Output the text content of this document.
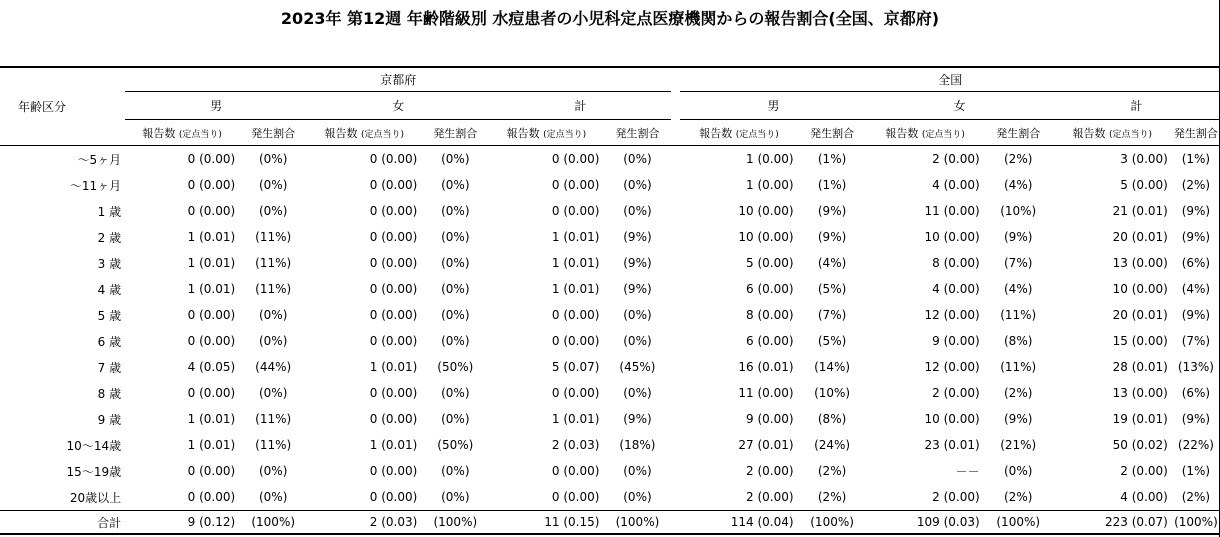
2023年 第12週 年齢階級別 水痘患者の小児科定点医療機関からの報告割合(全国、京都府)
年齢区分	京都府							全国					
	男		女		計			男		女		計	
	報告数 (定点当り)	発生割合	報告数 (定点当り)	発生割合	報告数 (定点当り)	発生割合		報告数 (定点当り)	発生割合	報告数 (定点当り)	発生割合	報告数 (定点当り)	発生割合
～5ヶ月	0 (0.00)	(0%)	0 (0.00)	(0%)	0 (0.00)	(0%)		1 (0.00)	(1%)	2 (0.00)	(2%)	3 (0.00)	(1%)
～11ヶ月	0 (0.00)	(0%)	0 (0.00)	(0%)	0 (0.00)	(0%)		1 (0.00)	(1%)	4 (0.00)	(4%)	5 (0.00)	(2%)
1 歳	0 (0.00)	(0%)	0 (0.00)	(0%)	0 (0.00)	(0%)		10 (0.00)	(9%)	11 (0.00)	(10%)	21 (0.01)	(9%)
2 歳	1 (0.01)	(11%)	0 (0.00)	(0%)	1 (0.01)	(9%)		10 (0.00)	(9%)	10 (0.00)	(9%)	20 (0.01)	(9%)
3 歳	1 (0.01)	(11%)	0 (0.00)	(0%)	1 (0.01)	(9%)		5 (0.00)	(4%)	8 (0.00)	(7%)	13 (0.00)	(6%)
4 歳	1 (0.01)	(11%)	0 (0.00)	(0%)	1 (0.01)	(9%)		6 (0.00)	(5%)	4 (0.00)	(4%)	10 (0.00)	(4%)
5 歳	0 (0.00)	(0%)	0 (0.00)	(0%)	0 (0.00)	(0%)		8 (0.00)	(7%)	12 (0.00)	(11%)	20 (0.01)	(9%)
6 歳	0 (0.00)	(0%)	0 (0.00)	(0%)	0 (0.00)	(0%)		6 (0.00)	(5%)	9 (0.00)	(8%)	15 (0.00)	(7%)
7 歳	4 (0.05)	(44%)	1 (0.01)	(50%)	5 (0.07)	(45%)		16 (0.01)	(14%)	12 (0.00)	(11%)	28 (0.01)	(13%)
8 歳	0 (0.00)	(0%)	0 (0.00)	(0%)	0 (0.00)	(0%)		11 (0.00)	(10%)	2 (0.00)	(2%)	13 (0.00)	(6%)
9 歳	1 (0.01)	(11%)	0 (0.00)	(0%)	1 (0.01)	(9%)		9 (0.00)	(8%)	10 (0.00)	(9%)	19 (0.01)	(9%)
10～14歳	1 (0.01)	(11%)	1 (0.01)	(50%)	2 (0.03)	(18%)		27 (0.01)	(24%)	23 (0.01)	(21%)	50 (0.02)	(22%)
15～19歳	0 (0.00)	(0%)	0 (0.00)	(0%)	0 (0.00)	(0%)		2 (0.00)	(2%)	－－	(0%)	2 (0.00)	(1%)
20歳以上	0 (0.00)	(0%)	0 (0.00)	(0%)	0 (0.00)	(0%)		2 (0.00)	(2%)	2 (0.00)	(2%)	4 (0.00)	(2%)
合計	9 (0.12)	(100%)	2 (0.03)	(100%)	11 (0.15)	(100%)		114 (0.04)	(100%)	109 (0.03)	(100%)	223 (0.07)	(100%)
